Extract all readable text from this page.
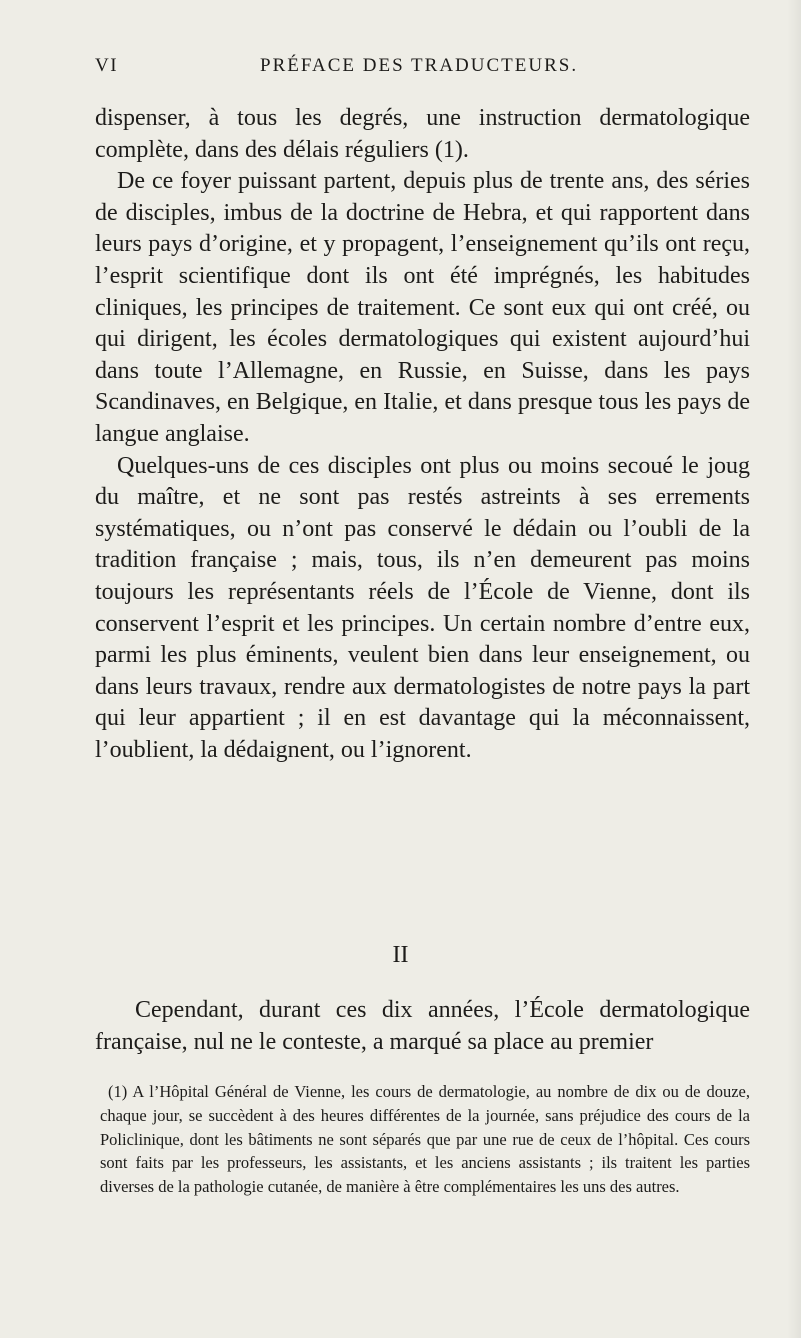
VI	PRÉFACE DES TRADUCTEURS.

dispenser, à tous les degrés, une instruction dermatologique complète, dans des délais réguliers (1).

De ce foyer puissant partent, depuis plus de trente ans, des séries de disciples, imbus de la doctrine de Hebra, et qui rapportent dans leurs pays d’origine, et y propagent, l’enseignement qu’ils ont reçu, l’esprit scientifique dont ils ont été imprégnés, les habitudes cliniques, les principes de traitement. Ce sont eux qui ont créé, ou qui dirigent, les écoles dermatologiques qui existent aujourd’hui dans toute l’Allemagne, en Russie, en Suisse, dans les pays Scandinaves, en Belgique, en Italie, et dans presque tous les pays de langue anglaise.

Quelques-uns de ces disciples ont plus ou moins secoué le joug du maître, et ne sont pas restés astreints à ses errements systématiques, ou n’ont pas conservé le dédain ou l’oubli de la tradition française ; mais, tous, ils n’en demeurent pas moins toujours les représentants réels de l’École de Vienne, dont ils conservent l’esprit et les principes. Un certain nombre d’entre eux, parmi les plus éminents, veulent bien dans leur enseignement, ou dans leurs travaux, rendre aux dermatologistes de notre pays la part qui leur appartient ; il en est davantage qui la méconnaissent, l’oublient, la dédaignent, ou l’ignorent.

II

Cependant, durant ces dix années, l’École dermatologique française, nul ne le conteste, a marqué sa place au premier

(1) A l’Hôpital Général de Vienne, les cours de dermatologie, au nombre de dix ou de douze, chaque jour, se succèdent à des heures différentes de la journée, sans préjudice des cours de la Policlinique, dont les bâtiments ne sont séparés que par une rue de ceux de l’hôpital. Ces cours sont faits par les professeurs, les assistants, et les anciens assistants ; ils traitent les parties diverses de la pathologie cutanée, de manière à être complémentaires les uns des autres.
